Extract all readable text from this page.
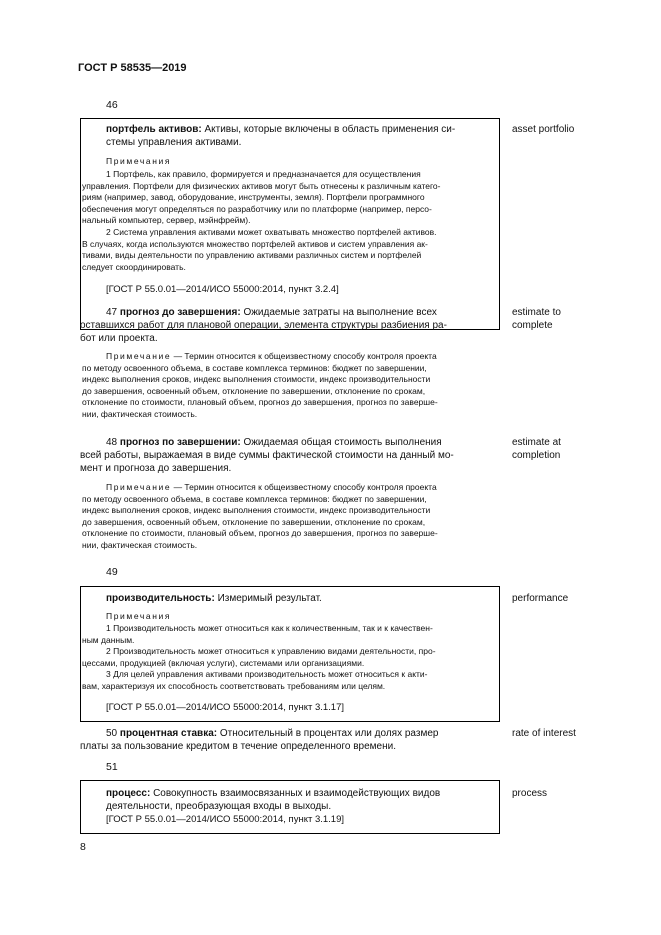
ГОСТ Р 58535—2019
46
портфель активов: Активы, которые включены в область применения си-
стемы управления активами.
Примечания
1 Портфель, как правило, формируется и предназначается для осуществления
управления. Портфели для физических активов могут быть отнесены к различным катего-
риям (например, завод, оборудование, инструменты, земля). Портфели программного
обеспечения могут определяться по разработчику или по платформе (например, персо-
нальный компьютер, сервер, мэйнфрейм).
2 Система управления активами может охватывать множество портфелей активов.
В случаях, когда используются множество портфелей активов и систем управления ак-
тивами, виды деятельности по управлению активами различных систем и портфелей
следует скоординировать.
[ГОСТ Р 55.0.01—2014/ИСО 55000:2014, пункт 3.2.4]
asset portfolio
47 прогноз до завершения: Ожидаемые затраты на выполнение всех
оставшихся работ для плановой операции, элемента структуры разбиения ра-
бот или проекта.
Примечание — Термин относится к общеизвестному способу контроля проекта
по методу освоенного объема, в составе комплекса терминов: бюджет по завершении,
индекс выполнения сроков, индекс выполнения стоимости, индекс производительности
до завершения, освоенный объем, отклонение по завершении, отклонение по срокам,
отклонение по стоимости, плановый объем, прогноз до завершения, прогноз по заверше-
нии, фактическая стоимость.
estimate to
complete
48 прогноз по завершении: Ожидаемая общая стоимость выполнения
всей работы, выражаемая в виде суммы фактической стоимости на данный мо-
мент и прогноза до завершения.
Примечание — Термин относится к общеизвестному способу контроля проекта
по методу освоенного объема, в составе комплекса терминов: бюджет по завершении,
индекс выполнения сроков, индекс выполнения стоимости, индекс производительности
до завершения, освоенный объем, отклонение по завершении, отклонение по срокам,
отклонение по стоимости, плановый объем, прогноз до завершения, прогноз по заверше-
нии, фактическая стоимость.
estimate at
completion
49
производительность: Измеримый результат.
Примечания
1 Производительность может относиться как к количественным, так и к качествен-
ным данным.
2 Производительность может относиться к управлению видами деятельности, про-
цессами, продукцией (включая услуги), системами или организациями.
3 Для целей управления активами производительность может относиться к акти-
вам, характеризуя их способность соответствовать требованиям или целям.
[ГОСТ Р 55.0.01—2014/ИСО 55000:2014, пункт 3.1.17]
performance
50 процентная ставка: Относительный в процентах или долях размер
платы за пользование кредитом в течение определенного времени.
rate of interest
51
процесс: Совокупность взаимосвязанных и взаимодействующих видов
деятельности, преобразующая входы в выходы.
[ГОСТ Р 55.0.01—2014/ИСО 55000:2014, пункт 3.1.19]
process
8
